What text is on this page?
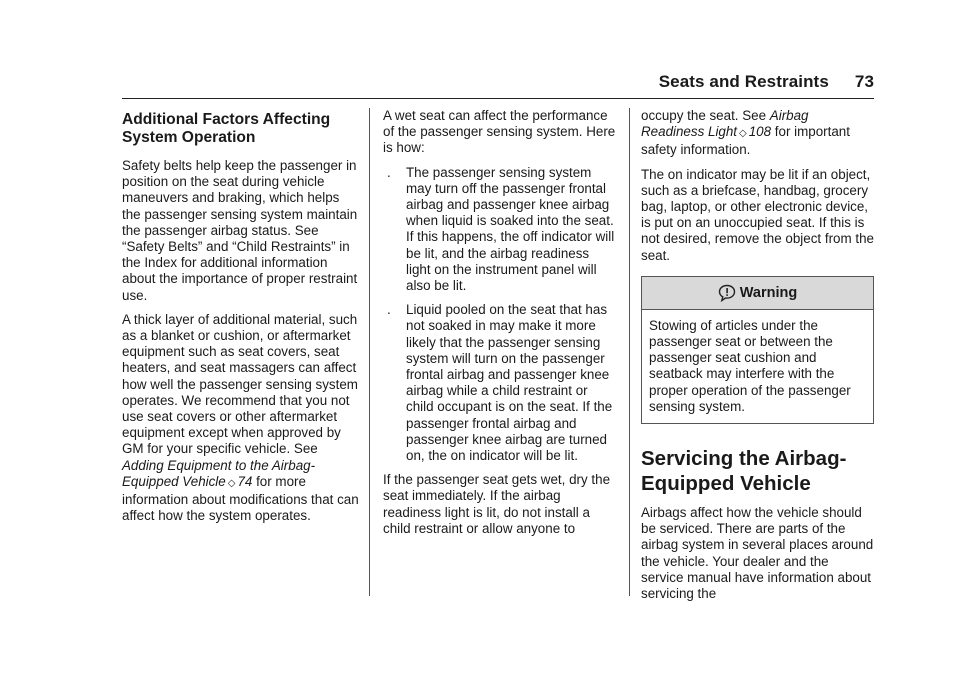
Seats and Restraints 73
Additional Factors Affecting System Operation

Safety belts help keep the passenger in position on the seat during vehicle maneuvers and braking, which helps the passenger sensing system maintain the passenger airbag status. See “Safety Belts” and “Child Restraints” in the Index for additional information about the importance of proper restraint use.

A thick layer of additional material, such as a blanket or cushion, or aftermarket equipment such as seat covers, seat heaters, and seat massagers can affect how well the passenger sensing system operates. We recommend that you not use seat covers or other aftermarket equipment except when approved by GM for your specific vehicle. See Adding Equipment to the Airbag-Equipped Vehicle ◇ 74 for more information about modifications that can affect how the system operates.

A wet seat can affect the performance of the passenger sensing system. Here is how:

.	The passenger sensing system may turn off the passenger frontal airbag and passenger knee airbag when liquid is soaked into the seat. If this happens, the off indicator will be lit, and the airbag readiness light on the instrument panel will also be lit.
.	Liquid pooled on the seat that has not soaked in may make it more likely that the passenger sensing system will turn on the passenger frontal airbag and passenger knee airbag while a child restraint or child occupant is on the seat. If the passenger frontal airbag and passenger knee airbag are turned on, the on indicator will be lit.

If the passenger seat gets wet, dry the seat immediately. If the airbag readiness light is lit, do not install a child restraint or allow anyone to

occupy the seat. See Airbag Readiness Light ◇ 108 for important safety information.

The on indicator may be lit if an object, such as a briefcase, handbag, grocery bag, laptop, or other electronic device, is put on an unoccupied seat. If this is not desired, remove the object from the seat.

Warning
Stowing of articles under the passenger seat or between the passenger seat cushion and seatback may interfere with the proper operation of the passenger sensing system.
Servicing the Airbag-Equipped Vehicle

Airbags affect how the vehicle should be serviced. There are parts of the airbag system in several places around the vehicle. Your dealer and the service manual have information about servicing the
